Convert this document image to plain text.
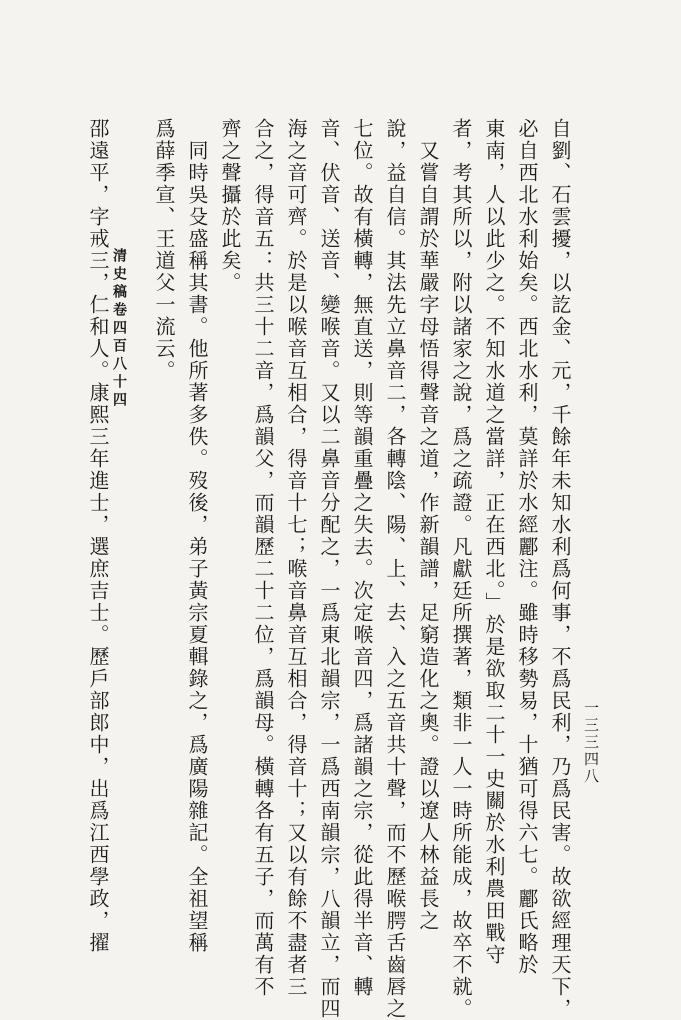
清史稿卷四百八十四
一三三四八
自劉、石雲擾，以訖金、元，千餘年未知水利爲何事，不爲民利，乃爲民害。故欲經理天下，
必自西北水利始矣。西北水利，莫詳於水經酈注。雖時移勢易，十猶可得六七。酈氏略於
東南，人以此少之。不知水道之當詳，正在西北。」於是欲取二十一史關於水利農田戰守
者，考其所以，附以諸家之說，爲之疏證。凡獻廷所撰著，類非一人一時所能成，故卒不就。
又嘗自謂於華嚴字母悟得聲音之道，作新韻譜，足窮造化之奧。證以遼人林益長之
說，益自信。其法先立鼻音二，各轉陰、陽、上、去、入之五音共十聲，而不歷喉腭舌齒唇之
七位。故有橫轉，無直送，則等韻重疊之失去。次定喉音四，爲諸韻之宗，從此得半音、轉
音、伏音、送音、變喉音。又以二鼻音分配之，一爲東北韻宗，一爲西南韻宗，八韻立，而四
海之音可齊。於是以喉音互相合，得音十七；喉音鼻音互相合，得音十；又以有餘不盡者三
合之，得音五：共三十二音，爲韻父，而韻歷二十二位，爲韻母。橫轉各有五子，而萬有不
齊之聲攝於此矣。
同時吳殳盛稱其書。他所著多佚。歿後，弟子黃宗夏輯錄之，爲廣陽雜記。全祖望稱
爲薛季宣、王道父一流云。
邵遠平，字戒三，仁和人。康熙三年進士，選庶吉士。歷戶部郎中，出爲江西學政，擢
